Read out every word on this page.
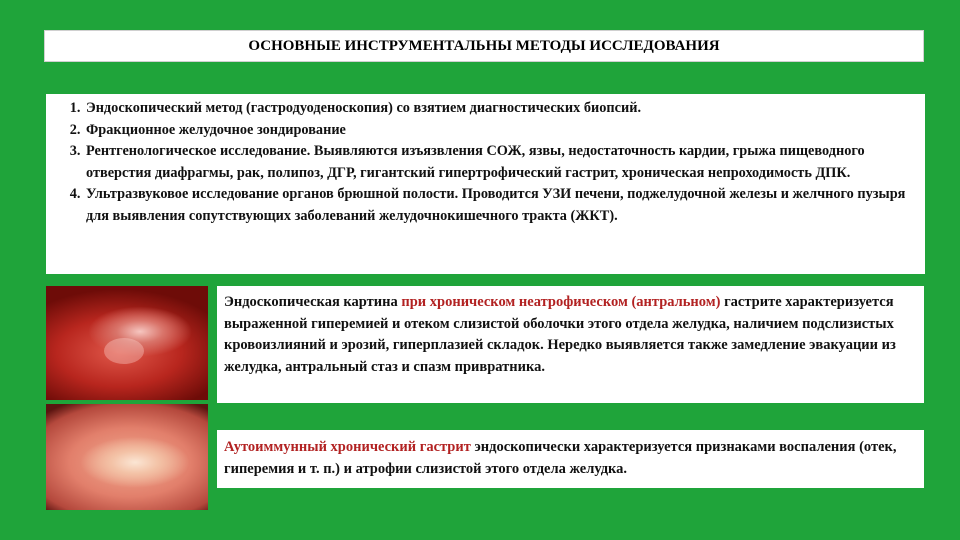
ОСНОВНЫЕ ИНСТРУМЕНТАЛЬНЫ МЕТОДЫ ИССЛЕДОВАНИЯ
1. Эндоскопический метод (гастродуоденоскопия) со взятием диагностических биопсий.
2. Фракционное желудочное зондирование
3. Рентгенологическое исследование. Выявляются изъязвления СОЖ, язвы, недостаточность кардии, грыжа пищеводного отверстия диафрагмы, рак, полипоз, ДГР, гигантский гипертрофический гастрит, хроническая непроходимость ДПК.
4. Ультразвуковое исследование органов брюшной полости. Проводится УЗИ печени, поджелудочной железы и желчного пузыря для выявления сопутствующих заболеваний желудочнокишечного тракта (ЖКТ).
Эндоскопическая картина при хроническом неатрофическом (антральном) гастрите характеризуется выраженной гиперемией и отеком слизистой оболочки этого отдела желудка, наличием подслизистых кровоизлияний и эрозий, гиперплазией складок. Нередко выявляется также замедление эвакуации из желудка, антральный стаз и спазм привратника.
Аутоиммунный хронический гастрит эндоскопически характеризуется признаками воспаления (отек, гиперемия и т. п.) и атрофии слизистой этого отдела желудка.
